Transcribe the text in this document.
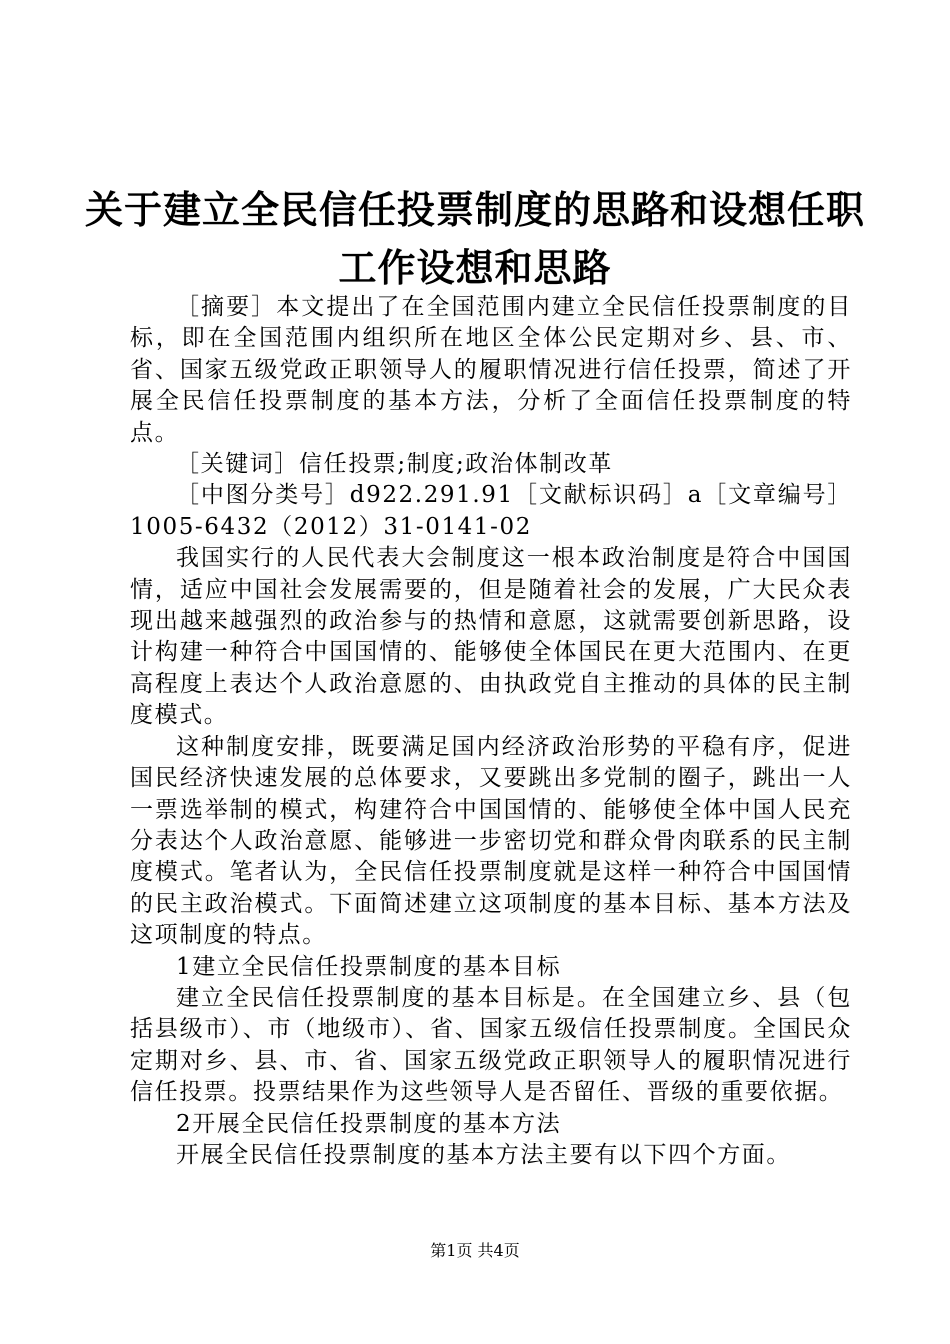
关于建立全民信任投票制度的思路和设想任职
工作设想和思路

［摘要］本文提出了在全国范围内建立全民信任投票制度的目标，即在全国范围内组织所在地区全体公民定期对乡、县、市、省、国家五级党政正职领导人的履职情况进行信任投票，简述了开展全民信任投票制度的基本方法，分析了全面信任投票制度的特点。

［关键词］信任投票;制度;政治体制改革

［中图分类号］d922.291.91［文献标识码］a［文章编号］1005-6432（2012）31-0141-02

我国实行的人民代表大会制度这一根本政治制度是符合中国国情，适应中国社会发展需要的，但是随着社会的发展，广大民众表现出越来越强烈的政治参与的热情和意愿，这就需要创新思路，设计构建一种符合中国国情的、能够使全体国民在更大范围内、在更高程度上表达个人政治意愿的、由执政党自主推动的具体的民主制度模式。

这种制度安排，既要满足国内经济政治形势的平稳有序，促进国民经济快速发展的总体要求，又要跳出多党制的圈子，跳出一人一票选举制的模式，构建符合中国国情的、能够使全体中国人民充分表达个人政治意愿、能够进一步密切党和群众骨肉联系的民主制度模式。笔者认为，全民信任投票制度就是这样一种符合中国国情的民主政治模式。下面简述建立这项制度的基本目标、基本方法及这项制度的特点。

1建立全民信任投票制度的基本目标

建立全民信任投票制度的基本目标是。在全国建立乡、县（包括县级市）、市（地级市）、省、国家五级信任投票制度。全国民众定期对乡、县、市、省、国家五级党政正职领导人的履职情况进行信任投票。投票结果作为这些领导人是否留任、晋级的重要依据。

2开展全民信任投票制度的基本方法

开展全民信任投票制度的基本方法主要有以下四个方面。

第1页 共4页
